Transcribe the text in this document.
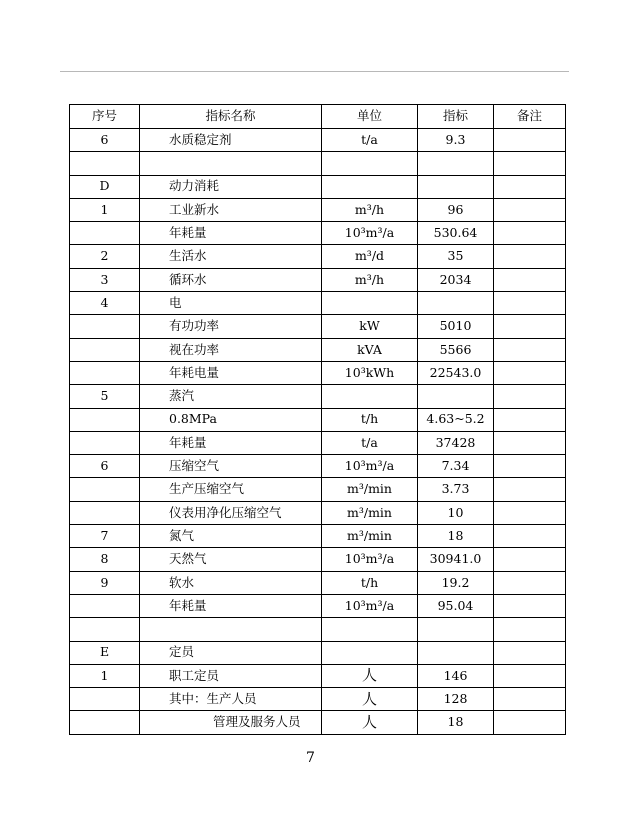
序号	指标名称	单位	指标	备注
6	水质稳定剂	t/a	9.3	

D	动力消耗			
1	工业新水	m³/h	96	
	年耗量	10³m³/a	530.64	
2	生活水	m³/d	35	
3	循环水	m³/h	2034	
4	电			
	有功功率	kW	5010	
	视在功率	kVA	5566	
	年耗电量	10³kWh	22543.0	
5	蒸汽			
	0.8MPa	t/h	4.63~5.2	
	年耗量	t/a	37428	
6	压缩空气	10³m³/a	7.34	
	生产压缩空气	m³/min	3.73	
	仪表用净化压缩空气	m³/min	10	
7	氮气	m³/min	18	
8	天然气	10³m³/a	30941.0	
9	软水	t/h	19.2	
	年耗量	10³m³/a	95.04	

E	定员			
1	职工定员	人	146	
	其中：生产人员	人	128	
	管理及服务人员	人	18	
7
